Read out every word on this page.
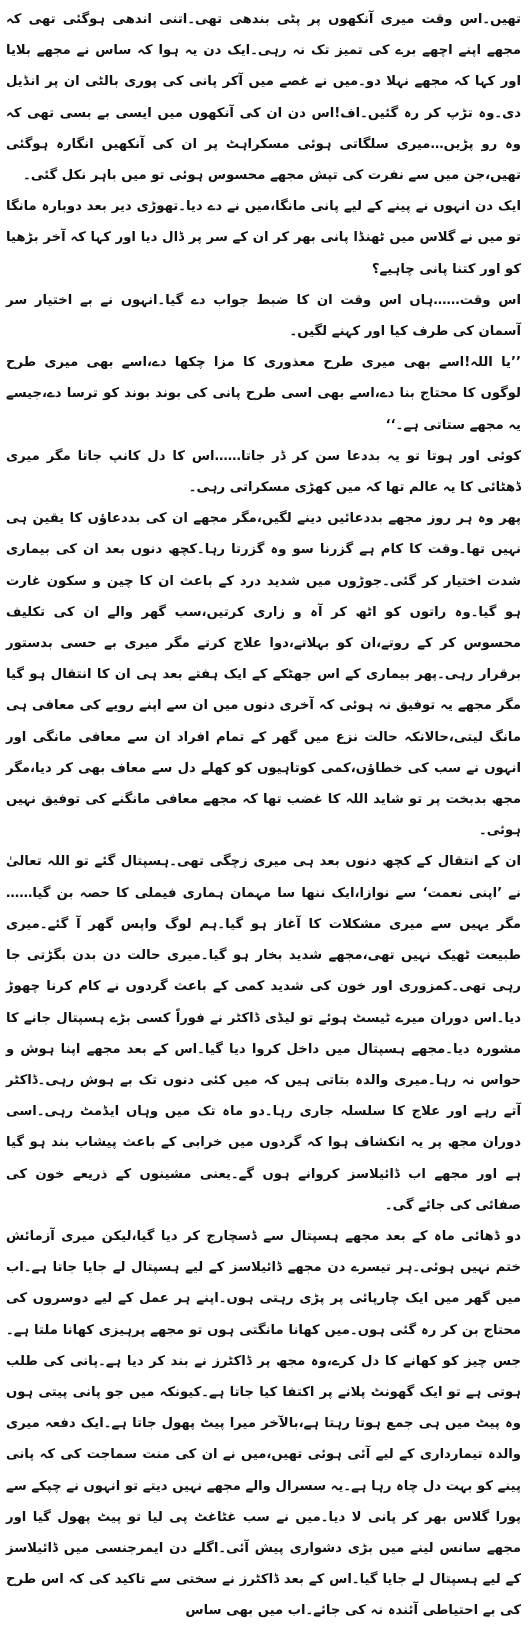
تھیں۔اس وقت میری آنکھوں پر پٹی بندھی تھی۔اتنی اندھی ہوگئی تھی کہ مجھے اپنے اچھے برے کی تمیز تک نہ رہی۔ایک دن یہ ہوا کہ ساس نے مجھے بلایا اور کہا کہ مجھے نہلا دو۔میں نے غصے میں آکر پانی کی پوری بالٹی ان پر انڈیل دی۔وہ تڑپ کر رہ گئیں۔اف!اس دن ان کی آنکھوں میں ایسی بے بسی تھی کہ وہ رو پڑیں…میری سلگاتی ہوئی مسکراہٹ پر ان کی آنکھیں انگارہ ہوگئی تھیں،جن میں سے نفرت کی تپش مجھے محسوس ہوئی تو میں باہر نکل گئی۔

ایک دن انہوں نے پینے کے لیے پانی مانگا،میں نے دے دیا۔تھوڑی دیر بعد دوبارہ مانگا تو میں نے گلاس میں ٹھنڈا پانی بھر کر ان کے سر پر ڈال دیا اور کہا کہ آخر بڑھیا کو اور کتنا پانی چاہیے؟

اس وقت……ہاں اس وقت ان کا ضبط جواب دے گیا۔انہوں نے بے اختیار سر آسمان کی طرف کیا اور کہنے لگیں۔

’’یا اللہ!اسے بھی میری طرح معذوری کا مزا چکھا دے،اسے بھی میری طرح لوگوں کا محتاج بنا دے،اسے بھی اسی طرح پانی کی بوند بوند کو ترسا دے،جیسے یہ مجھے ستاتی ہے۔‘‘

کوئی اور ہوتا تو یہ بددعا سن کر ڈر جاتا……اس کا دل کانپ جاتا مگر میری ڈھٹائی کا یہ عالم تھا کہ میں کھڑی مسکراتی رہی۔

پھر وہ ہر روز مجھے بددعائیں دینے لگیں،مگر مجھے ان کی بددعاؤں کا یقین ہی نہیں تھا۔وقت کا کام ہے گزرنا سو وہ گزرتا رہا۔کچھ دنوں بعد ان کی بیماری شدت اختیار کر گئی۔جوڑوں میں شدید درد کے باعث ان کا چین و سکون غارت ہو گیا۔وہ راتوں کو اٹھ کر آہ و زاری کرتیں،سب گھر والے ان کی تکلیف محسوس کر کے روتے،ان کو بہلاتے،دوا علاج کرتے مگر میری بے حسی بدستور برقرار رہی۔پھر بیماری کے اس جھٹکے کے ایک ہفتے بعد ہی ان کا انتقال ہو گیا مگر مجھے یہ توفیق نہ ہوئی کہ آخری دنوں میں ان سے اپنے رویے کی معافی ہی مانگ لیتی،حالانکہ حالت نزع میں گھر کے تمام افراد ان سے معافی مانگی اور انہوں نے سب کی خطاؤں،کمی کوتاہیوں کو کھلے دل سے معاف بھی کر دیا،مگر مجھ بدبخت پر تو شاید اللہ کا غضب تھا کہ مجھے معافی مانگنے کی توفیق نہیں ہوئی۔

ان کے انتقال کے کچھ دنوں بعد ہی میری زچگی تھی۔ہسپتال گئے تو اللہ تعالیٰ نے ’اپنی نعمت‘ سے نوازا،ایک ننھا سا مہمان ہماری فیملی کا حصہ بن گیا……مگر یہیں سے میری مشکلات کا آغاز ہو گیا۔ہم لوگ واپس گھر آ گئے۔میری طبیعت ٹھیک نہیں تھی،مجھے شدید بخار ہو گیا۔میری حالت دن بدن بگڑتی جا رہی تھی۔کمزوری اور خون کی شدید کمی کے باعث گردوں نے کام کرنا چھوڑ دیا۔اس دوران میرے ٹیسٹ ہوئے تو لیڈی ڈاکٹر نے فوراً کسی بڑے ہسپتال جانے کا مشورہ دیا۔مجھے ہسپتال میں داخل کروا دیا گیا۔اس کے بعد مجھے اپنا ہوش و حواس نہ رہا۔میری والدہ بتاتی ہیں کہ میں کئی دنوں تک بے ہوش رہی۔ڈاکٹر آتے رہے اور علاج کا سلسلہ جاری رہا۔دو ماہ تک میں وہاں ایڈمٹ رہی۔اسی دوران مجھ پر یہ انکشاف ہوا کہ گردوں میں خرابی کے باعث پیشاب بند ہو گیا ہے اور مجھے اب ڈائیلاسز کروانے ہوں گے۔یعنی مشینوں کے ذریعے خون کی صفائی کی جائے گی۔

دو ڈھائی ماہ کے بعد مجھے ہسپتال سے ڈسچارج کر دیا گیا،لیکن میری آزمائش ختم نہیں ہوئی۔ہر تیسرے دن مجھے ڈائیلاسز کے لیے ہسپتال لے جایا جاتا ہے۔اب میں گھر میں ایک چارپائی پر پڑی رہتی ہوں۔اپنے ہر عمل کے لیے دوسروں کی محتاج بن کر رہ گئی ہوں۔میں کھانا مانگتی ہوں تو مجھے پرہیزی کھانا ملتا ہے۔جس چیز کو کھانے کا دل کرے،وہ مجھ پر ڈاکٹرز نے بند کر دیا ہے۔پانی کی طلب ہوتی ہے تو ایک گھونٹ پلانے پر اکتفا کیا جاتا ہے۔کیونکہ میں جو پانی پیتی ہوں وہ پیٹ میں ہی جمع ہوتا رہتا ہے،بالآخر میرا پیٹ پھول جاتا ہے۔ایک دفعہ میری والدہ تیمارداری کے لیے آئی ہوئی تھیں،میں نے ان کی منت سماجت کی کہ پانی پینے کو بہت دل چاہ رہا ہے۔یہ سسرال والے مجھے نہیں دیتے تو انہوں نے چپکے سے پورا گلاس بھر کر پانی لا دیا۔میں نے سب غٹاغٹ پی لیا تو پیٹ پھول گیا اور مجھے سانس لینے میں بڑی دشواری پیش آئی۔اگلے دن ایمرجنسی میں ڈائیلاسز کے لیے ہسپتال لے جایا گیا۔اس کے بعد ڈاکٹرز نے سختی سے تاکید کی کہ اس طرح کی بے احتیاطی آئندہ نہ کی جائے۔اب میں بھی ساس
